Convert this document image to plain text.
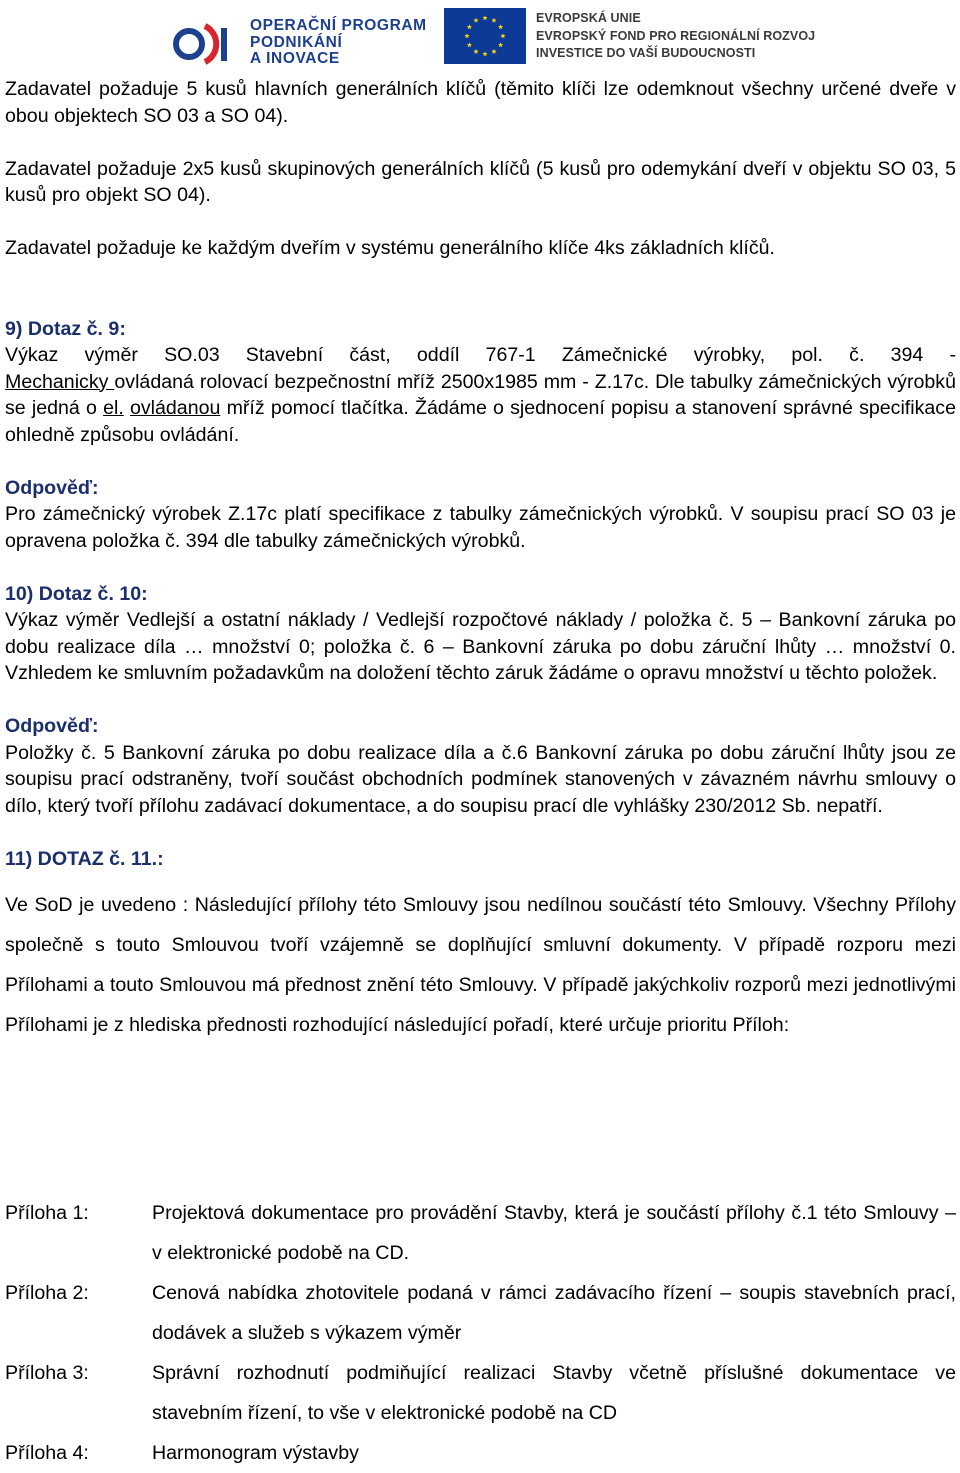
OPERAČNÍ PROGRAM
PODNIKÁNÍ
A INOVACE
EVROPSKÁ UNIE
EVROPSKÝ FOND PRO REGIONÁLNÍ ROZVOJ
INVESTICE DO VAŠÍ BUDOUCNOSTI

Zadavatel požaduje 5 kusů hlavních generálních klíčů (těmito klíči lze odemknout všechny určené dveře v obou objektech SO 03 a SO 04).

Zadavatel požaduje 2x5 kusů skupinových generálních klíčů (5 kusů pro odemykání dveří v objektu SO 03, 5 kusů pro objekt SO 04).

Zadavatel požaduje ke každým dveřím v systému generálního klíče 4ks základních klíčů.

9) Dotaz č. 9:

Výkaz výměr SO.03 Stavební část, oddíl 767-1 Zámečnické výrobky, pol. č. 394 -

Mechanicky ovládaná rolovací bezpečnostní mříž 2500x1985 mm - Z.17c. Dle tabulky zámečnických výrobků se jedná o el. ovládanou mříž pomocí tlačítka. Žádáme o sjednocení popisu a stanovení správné specifikace ohledně způsobu ovládání.

Odpověď:

Pro zámečnický výrobek Z.17c platí specifikace z tabulky zámečnických výrobků. V soupisu prací SO 03 je opravena položka č. 394 dle tabulky zámečnických výrobků.

10) Dotaz č. 10:

Výkaz výměr Vedlejší a ostatní náklady / Vedlejší rozpočtové náklady / položka č. 5 – Bankovní záruka po dobu realizace díla … množství 0; položka č. 6 – Bankovní záruka po dobu záruční lhůty … množství 0. Vzhledem ke smluvním požadavkům na doložení těchto záruk žádáme o opravu množství u těchto položek.

Odpověď:

Položky č. 5 Bankovní záruka po dobu realizace díla a č.6 Bankovní záruka po dobu záruční lhůty jsou ze soupisu prací odstraněny, tvoří součást obchodních podmínek stanovených v závazném návrhu smlouvy o dílo, který tvoří přílohu zadávací dokumentace, a do soupisu prací dle vyhlášky 230/2012 Sb. nepatří.

11) DOTAZ č. 11.:

Ve SoD je uvedeno : Následující přílohy této Smlouvy jsou nedílnou součástí této Smlouvy. Všechny Přílohy společně s touto Smlouvou tvoří vzájemně se doplňující smluvní dokumenty. V případě rozporu mezi Přílohami a touto Smlouvou má přednost znění této Smlouvy. V případě jakýchkoliv rozporů mezi jednotlivými Přílohami je z hlediska přednosti rozhodující následující pořadí, které určuje prioritu Příloh:

Příloha 1:	Projektová dokumentace pro provádění Stavby, která je součástí přílohy č.1 této Smlouvy – v elektronické podobě na CD.
Příloha 2:	Cenová nabídka zhotovitele podaná v rámci zadávacího řízení – soupis stavebních prací, dodávek a služeb s výkazem výměr
Příloha 3:	Správní rozhodnutí podmiňující realizaci Stavby včetně příslušné dokumentace ve stavebním řízení, to vše v elektronické podobě na CD
Příloha 4:	Harmonogram výstavby
